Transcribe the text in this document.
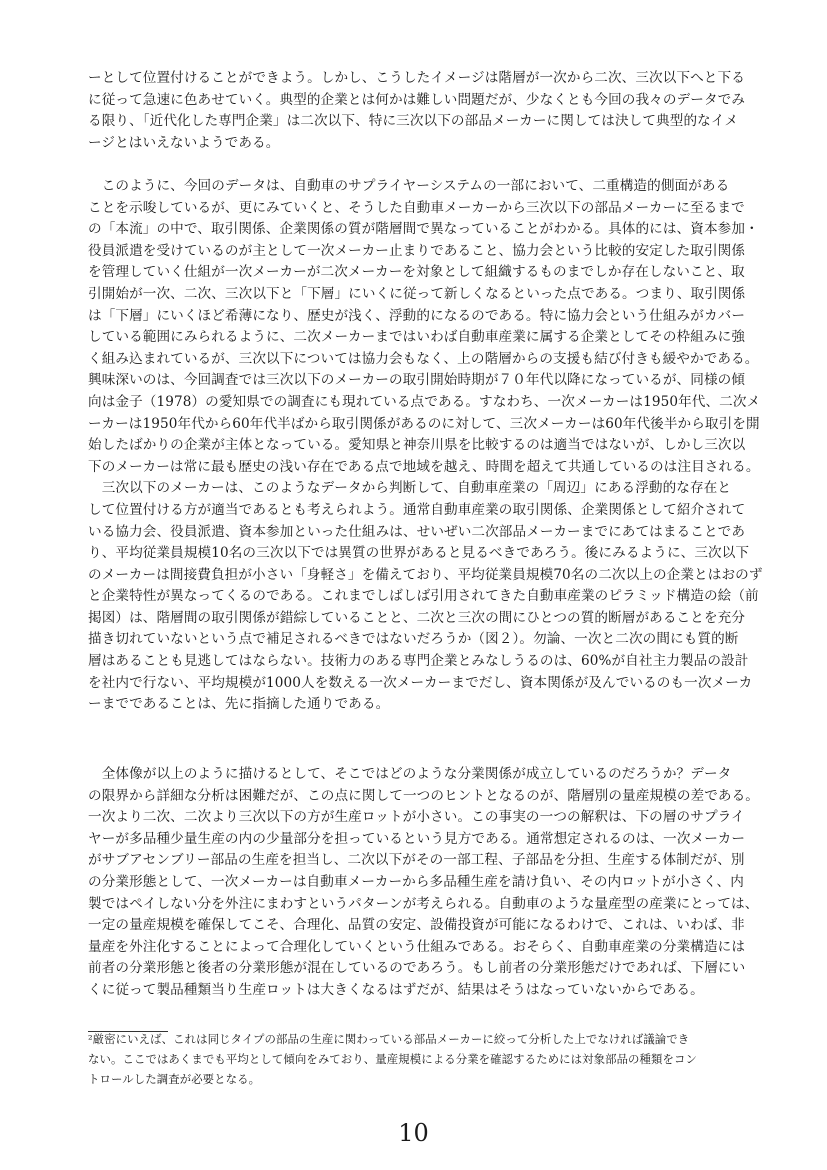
ーとして位置付けることができよう。しかし、こうしたイメージは階層が一次から二次、三次以下へと下る
に従って急速に色あせていく。典型的企業とは何かは難しい問題だが、少なくとも今回の我々のデータでみ
る限り、「近代化した専門企業」は二次以下、特に三次以下の部品メーカーに関しては決して典型的なイメ
ージとはいえないようである。
　このように、今回のデータは、自動車のサプライヤーシステムの一部において、二重構造的側面がある
ことを示唆しているが、更にみていくと、そうした自動車メーカーから三次以下の部品メーカーに至るまで
の「本流」の中で、取引関係、企業関係の質が階層間で異なっていることがわかる。具体的には、資本参加・
役員派遣を受けているのが主として一次メーカー止まりであること、協力会という比較的安定した取引関係
を管理していく仕組が一次メーカーが二次メーカーを対象として組織するものまでしか存在しないこと、取
引開始が一次、二次、三次以下と「下層」にいくに従って新しくなるといった点である。つまり、取引関係
は「下層」にいくほど希薄になり、歴史が浅く、浮動的になるのである。特に協力会という仕組みがカバー
している範囲にみられるように、二次メーカーまではいわば自動車産業に属する企業としてその枠組みに強
く組み込まれているが、三次以下については協力会もなく、上の階層からの支援も結び付きも緩やかである。
興味深いのは、今回調査では三次以下のメーカーの取引開始時期が７０年代以降になっているが、同様の傾
向は金子（1978）の愛知県での調査にも現れている点である。すなわち、一次メーカーは1950年代、二次メ
ーカーは1950年代から60年代半ばから取引関係があるのに対して、三次メーカーは60年代後半から取引を開
始したばかりの企業が主体となっている。愛知県と神奈川県を比較するのは適当ではないが、しかし三次以
下のメーカーは常に最も歴史の浅い存在である点で地域を越え、時間を超えて共通しているのは注目される。
　三次以下のメーカーは、このようなデータから判断して、自動車産業の「周辺」にある浮動的な存在と
して位置付ける方が適当であるとも考えられよう。通常自動車産業の取引関係、企業関係として紹介されて
いる協力会、役員派遣、資本参加といった仕組みは、せいぜい二次部品メーカーまでにあてはまることであ
り、平均従業員規模10名の三次以下では異質の世界があると見るべきであろう。後にみるように、三次以下
のメーカーは間接費負担が小さい「身軽さ」を備えており、平均従業員規模70名の二次以上の企業とはおのず
と企業特性が異なってくるのである。これまでしばしば引用されてきた自動車産業のピラミッド構造の絵（前
掲図）は、階層間の取引関係が錯綜していることと、二次と三次の間にひとつの質的断層があることを充分
描き切れていないという点で補足されるべきではないだろうか（図２）。勿論、一次と二次の間にも質的断
層はあることも見逃してはならない。技術力のある専門企業とみなしうるのは、60%が自社主力製品の設計
を社内で行ない、平均規模が1000人を数える一次メーカーまでだし、資本関係が及んでいるのも一次メーカ
ーまでであることは、先に指摘した通りである。
　全体像が以上のように描けるとして、そこではどのような分業関係が成立しているのだろうか？データ
の限界から詳細な分析は困難だが、この点に関して一つのヒントとなるのが、階層別の量産規模の差である。
一次より二次、二次より三次以下の方が生産ロットが小さい。この事実の一つの解釈は、下の層のサプライ
ヤーが多品種少量生産の内の少量部分を担っているという見方である。通常想定されるのは、一次メーカー
がサブアセンブリー部品の生産を担当し、二次以下がその一部工程、子部品を分担、生産する体制だが、別
の分業形態として、一次メーカーは自動車メーカーから多品種生産を請け負い、その内ロットが小さく、内
製ではペイしない分を外注にまわすというパターンが考えられる。自動車のような量産型の産業にとっては、
一定の量産規模を確保してこそ、合理化、品質の安定、設備投資が可能になるわけで、これは、いわば、非
量産を外注化することによって合理化していくという仕組みである。おそらく、自動車産業の分業構造には
前者の分業形態と後者の分業形態が混在しているのであろう。もし前者の分業形態だけであれば、下層にい
くに従って製品種類当り生産ロットは大きくなるはずだが、結果はそうはなっていないからである。
²厳密にいえば、これは同じタイプの部品の生産に関わっている部品メーカーに絞って分析した上でなければ議論でき
ない。ここではあくまでも平均として傾向をみており、量産規模による分業を確認するためには対象部品の種類をコン
トロールした調査が必要となる。
10
